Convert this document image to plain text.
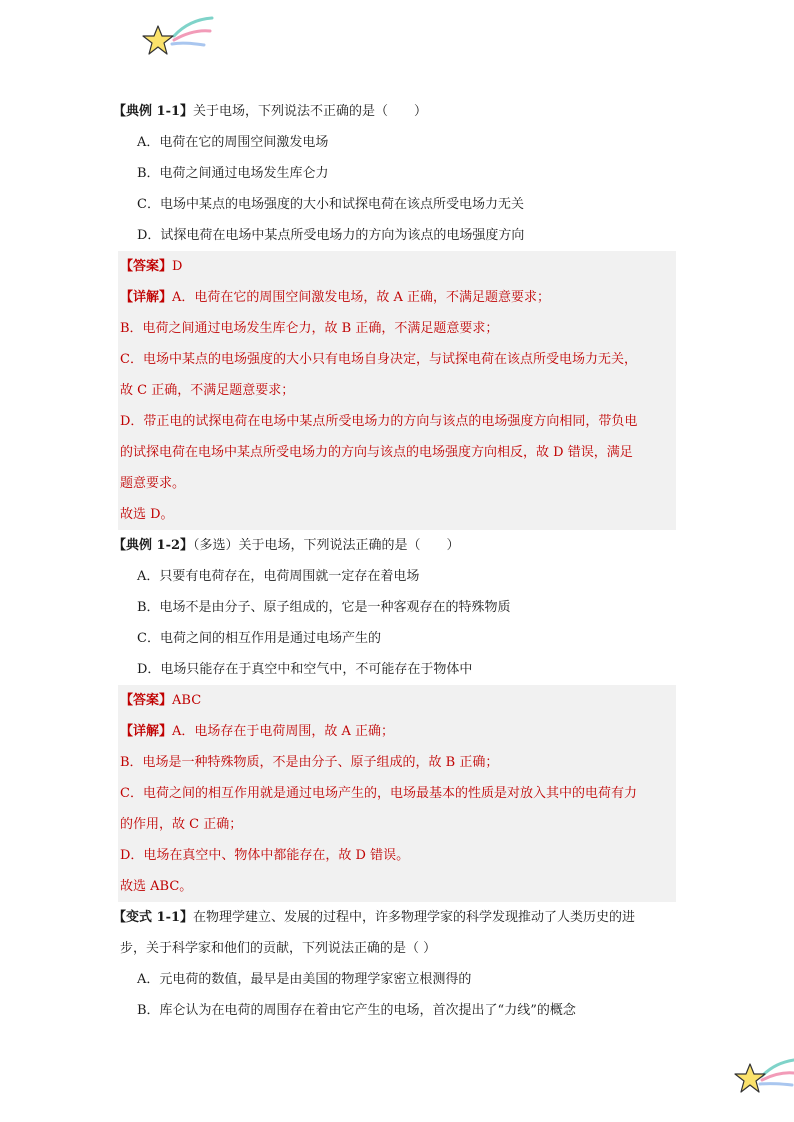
【典例 1-1】关于电场，下列说法不正确的是（　　）
A．电荷在它的周围空间激发电场
B．电荷之间通过电场发生库仑力
C．电场中某点的电场强度的大小和试探电荷在该点所受电场力无关
D．试探电荷在电场中某点所受电场力的方向为该点的电场强度方向
【答案】D
【详解】A．电荷在它的周围空间激发电场，故 A 正确，不满足题意要求；
B．电荷之间通过电场发生库仑力，故 B 正确，不满足题意要求；
C．电场中某点的电场强度的大小只有电场自身决定，与试探电荷在该点所受电场力无关，
故 C 正确，不满足题意要求；
D．带正电的试探电荷在电场中某点所受电场力的方向与该点的电场强度方向相同，带负电
的试探电荷在电场中某点所受电场力的方向与该点的电场强度方向相反，故 D 错误，满足
题意要求。
故选 D。
【典例 1-2】（多选）关于电场，下列说法正确的是（　　）
A．只要有电荷存在，电荷周围就一定存在着电场
B．电场不是由分子、原子组成的，它是一种客观存在的特殊物质
C．电荷之间的相互作用是通过电场产生的
D．电场只能存在于真空中和空气中，不可能存在于物体中
【答案】ABC
【详解】A．电场存在于电荷周围，故 A 正确；
B．电场是一种特殊物质，不是由分子、原子组成的，故 B 正确；
C．电荷之间的相互作用就是通过电场产生的，电场最基本的性质是对放入其中的电荷有力
的作用，故 C 正确；
D．电场在真空中、物体中都能存在，故 D 错误。
故选 ABC。
【变式 1-1】在物理学建立、发展的过程中，许多物理学家的科学发现推动了人类历史的进
步，关于科学家和他们的贡献，下列说法正确的是（ ）
A．元电荷的数值，最早是由美国的物理学家密立根测得的
B．库仑认为在电荷的周围存在着由它产生的电场，首次提出了“力线”的概念
